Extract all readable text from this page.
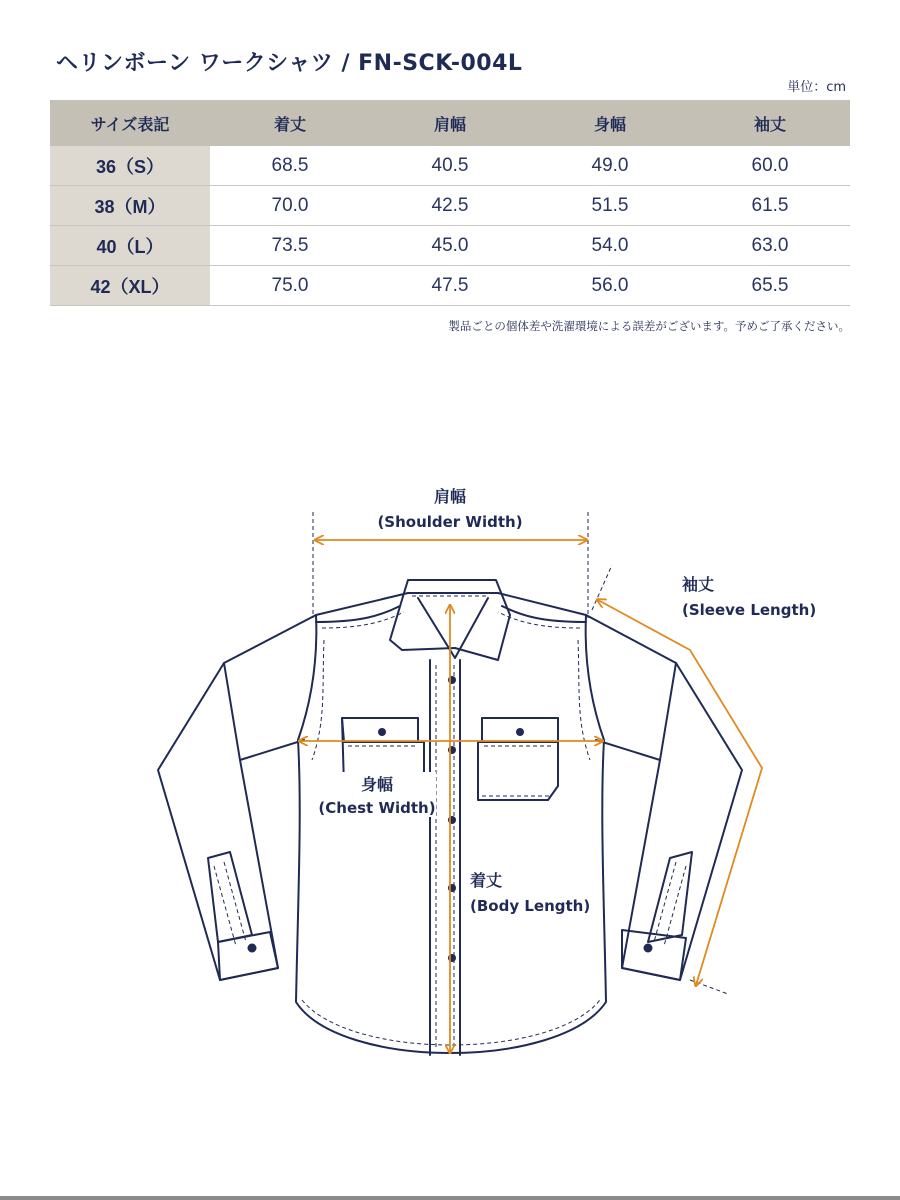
ヘリンボーン ワークシャツ / FN-SCK-004L
単位：cm
サイズ表記	着丈	肩幅	身幅	袖丈
36（S）	68.5	40.5	49.0	60.0
38（M）	70.0	42.5	51.5	61.5
40（L）	73.5	45.0	54.0	63.0
42（XL）	75.0	47.5	56.0	65.5
製品ごとの個体差や洗濯環境による誤差がございます。予めご了承ください。
肩幅
(Shoulder Width)
袖丈
(Sleeve Length)
身幅
(Chest Width)
着丈
(Body Length)
